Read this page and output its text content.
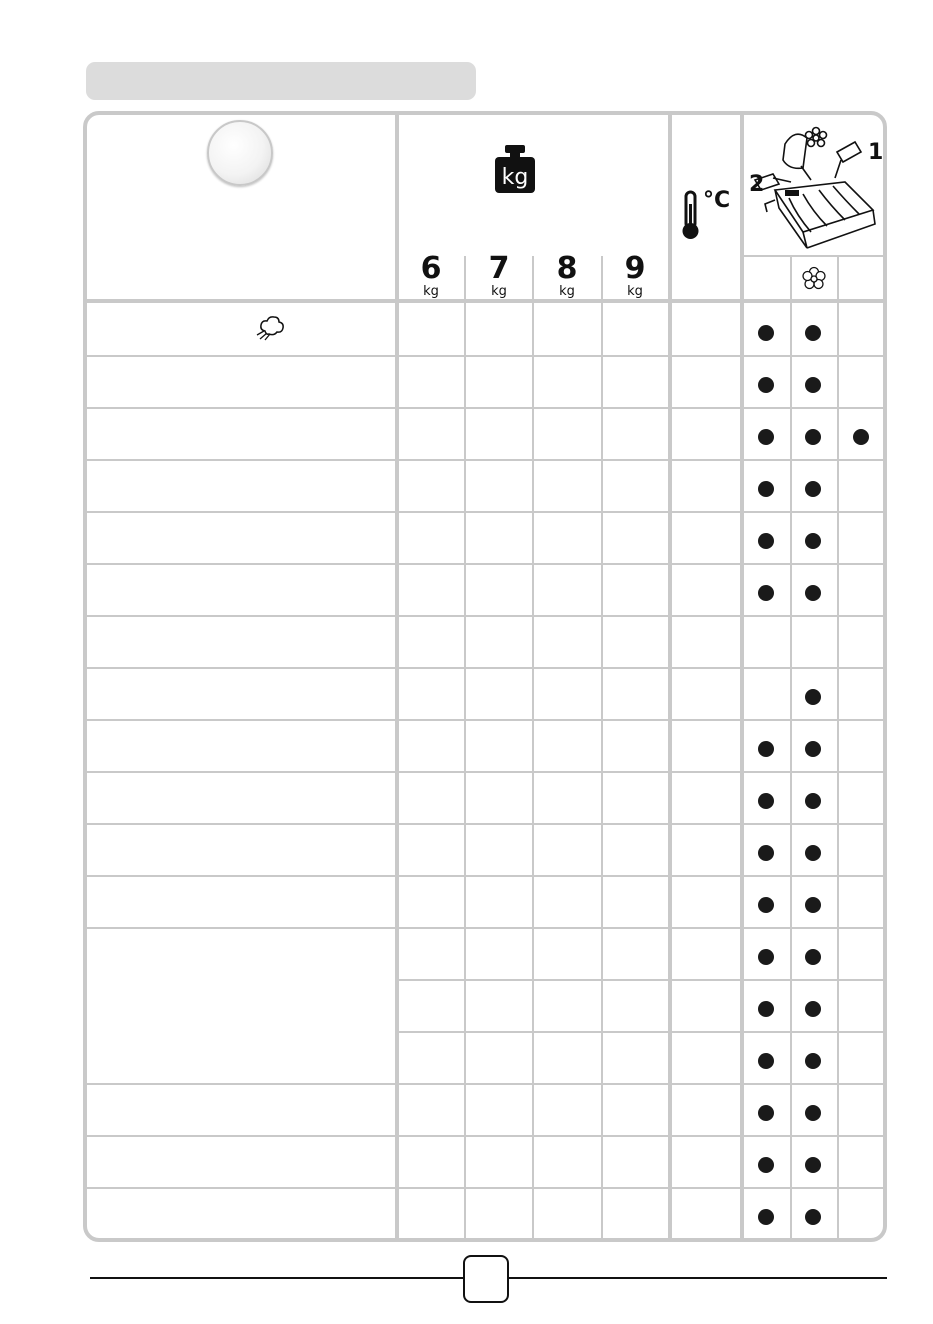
kg
°C
2
1
6
kg
7
kg
8
kg
9
kg
